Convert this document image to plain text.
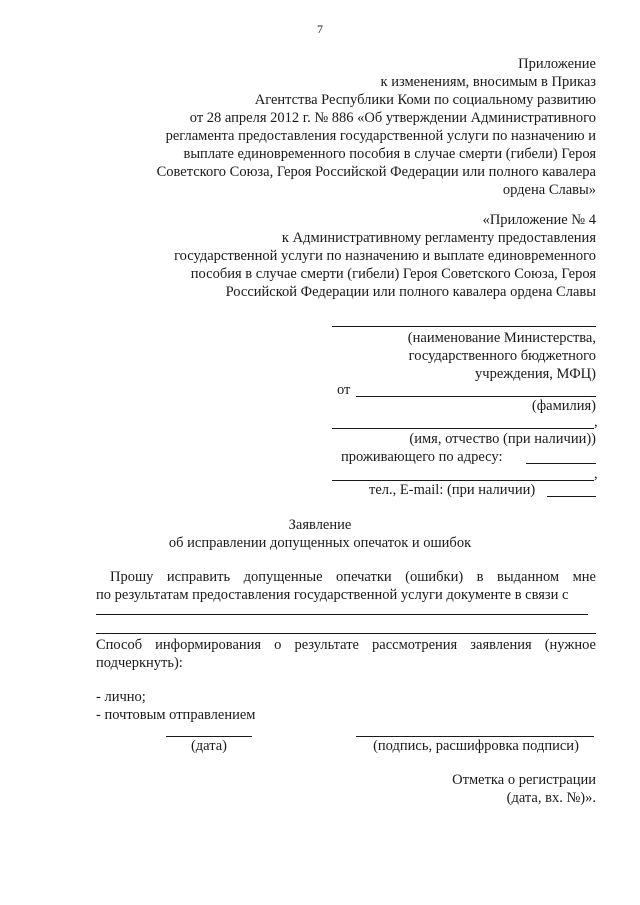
7
Приложение
к изменениям, вносимым в Приказ
Агентства Республики Коми по социальному развитию
от 28 апреля 2012 г. № 886 «Об утверждении Административного
регламента предоставления государственной услуги по назначению и
выплате единовременного пособия в случае смерти (гибели) Героя
Советского Союза, Героя Российской Федерации или полного кавалера
ордена Славы»
«Приложение № 4
к Административному регламенту предоставления
государственной услуги по назначению и выплате единовременного
пособия в случае смерти (гибели) Героя Советского Союза, Героя
Российской Федерации или полного кавалера ордена Славы
(наименование Министерства,
государственного бюджетного
учреждения, МФЦ)
от
(фамилия)
,
(имя, отчество (при наличии))
проживающего по адресу:
,
тел., E-mail: (при наличии)
Заявление
об исправлении допущенных опечаток и ошибок
Прошу исправить допущенные опечатки (ошибки) в выданном мне
по результатам предоставления государственной услуги документе в связи с
Способ информирования о результате рассмотрения заявления (нужное
подчеркнуть):
- лично;
- почтовым отправлением
(дата)	(подпись, расшифровка подписи)
Отметка о регистрации
(дата, вх. №)».
